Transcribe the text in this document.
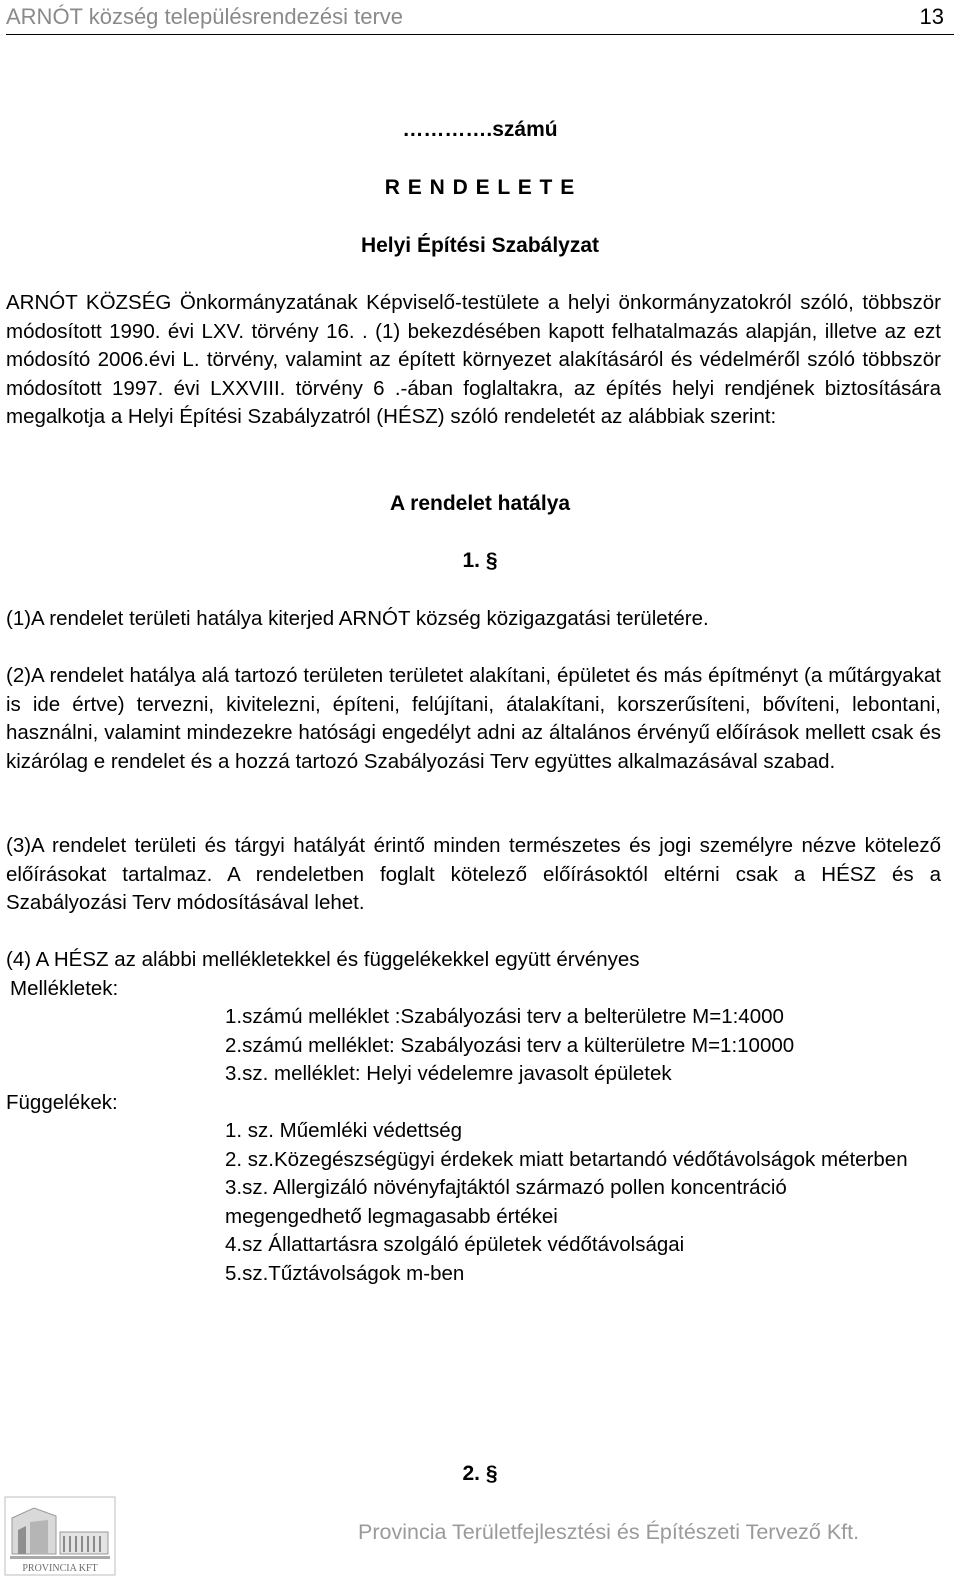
ARNÓT község településrendezési terve	13
………….számú
R E N D E L E T E
Helyi Építési Szabályzat

ARNÓT KÖZSÉG Önkormányzatának Képviselő-testülete a helyi önkormányzatokról szóló, többször módosított 1990. évi LXV. törvény 16. . (1) bekezdésében kapott felhatalmazás alapján, illetve az ezt módosító 2006.évi L. törvény, valamint az épített környezet alakításáról és védelméről szóló többször módosított 1997. évi LXXVIII. törvény 6 .-ában foglaltakra, az építés helyi rendjének biztosítására megalkotja a Helyi Építési Szabályzatról (HÉSZ) szóló rendeletét az alábbiak szerint:

A rendelet hatálya
1. §

(1)A rendelet területi hatálya kiterjed ARNÓT község közigazgatási területére.

(2)A rendelet hatálya alá tartozó területen területet alakítani, épületet és más építményt (a műtárgyakat is ide értve) tervezni, kivitelezni, építeni, felújítani, átalakítani, korszerűsíteni, bővíteni, lebontani, használni, valamint mindezekre hatósági engedélyt adni az általános érvényű előírások mellett csak és kizárólag e rendelet és a hozzá tartozó Szabályozási Terv együttes alkalmazásával szabad.

(3)A rendelet területi és tárgyi hatályát érintő minden természetes és jogi személyre nézve kötelező előírásokat tartalmaz. A rendeletben foglalt kötelező előírásoktól eltérni csak a HÉSZ és a Szabályozási Terv módosításával lehet.

(4) A HÉSZ az alábbi mellékletekkel és függelékekkel együtt érvényes

Mellékletek:
1.számú melléklet :Szabályozási terv a belterületre M=1:4000
2.számú melléklet: Szabályozási terv a külterületre M=1:10000
3.sz. melléklet: Helyi védelemre javasolt épületek
Függelékek:
1. sz. Műemléki védettség
2. sz.Közegészségügyi érdekek miatt betartandó védőtávolságok méterben
3.sz. Allergizáló növényfajtáktól származó pollen koncentráció megengedhető legmagasabb értékei
4.sz Állattartásra szolgáló épületek védőtávolságai
5.sz.Tűztávolságok m-ben
2. §
PROVINCIA KFT
Provincia Területfejlesztési és Építészeti Tervező Kft.
